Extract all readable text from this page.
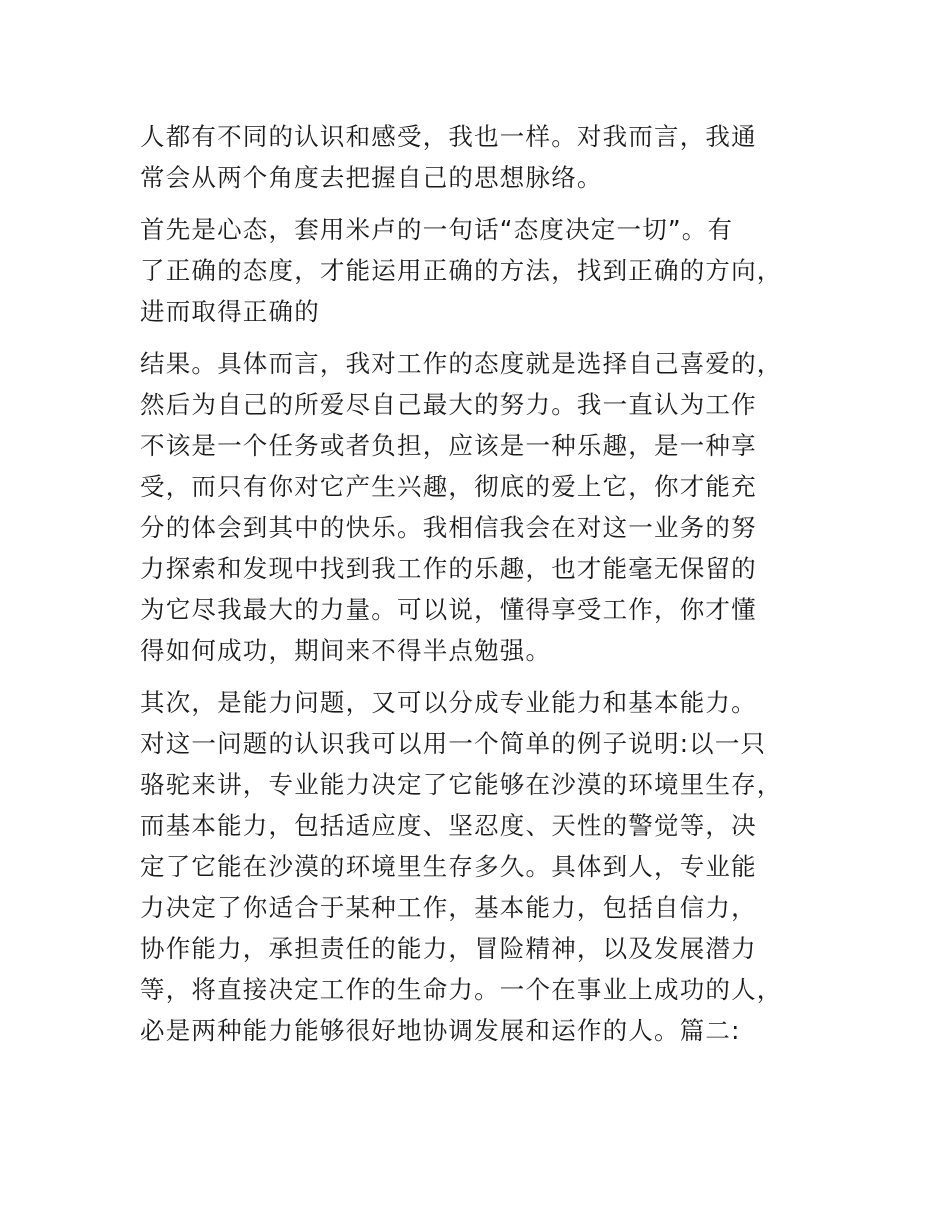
人都有不同的认识和感受，我也一样。对我而言，我通
常会从两个角度去把握自己的思想脉络。

首先是心态，套用米卢的一句话“态度决定一切”。有
了正确的态度，才能运用正确的方法，找到正确的方向，
进而取得正确的

结果。具体而言，我对工作的态度就是选择自己喜爱的，
然后为自己的所爱尽自己最大的努力。我一直认为工作
不该是一个任务或者负担，应该是一种乐趣，是一种享
受，而只有你对它产生兴趣，彻底的爱上它，你才能充
分的体会到其中的快乐。我相信我会在对这一业务的努
力探索和发现中找到我工作的乐趣，也才能毫无保留的
为它尽我最大的力量。可以说，懂得享受工作，你才懂
得如何成功，期间来不得半点勉强。

其次，是能力问题，又可以分成专业能力和基本能力。
对这一问题的认识我可以用一个简单的例子说明:以一只
骆驼来讲，专业能力决定了它能够在沙漠的环境里生存，
而基本能力，包括适应度、坚忍度、天性的警觉等，决
定了它能在沙漠的环境里生存多久。具体到人，专业能
力决定了你适合于某种工作，基本能力，包括自信力，
协作能力，承担责任的能力，冒险精神，以及发展潜力
等，将直接决定工作的生命力。一个在事业上成功的人，
必是两种能力能够很好地协调发展和运作的人。篇二:
